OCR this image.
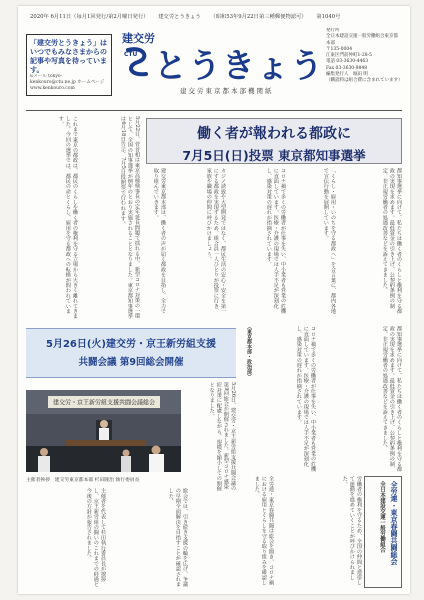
2020年 6月11日（毎月1回発行/第2月曜日発行） 建交労とうきょう （昭和53年9月22日第三種郵便物認可） 第1040号
「建交労とうきょう」はいつでもみなさまからの記事や写真を待っています。
Eメール tokyo-kenkouro@ctu.ne.jp ホームページ www.kenkouro.com
建交労
CTU とうきょう
建交労東京都本部機関紙
発行所
全日本建設交運一般労働組合東京都本部
〒135-0004
江東区門前仲町1-28-5
電話 03-3630-4463
Fax 03-3630-9848
編集発行人　堀田 明
（購読料は組合費に含まれています）
5月22日、菅首相は東京高検検事長の定年延長問題で揺れる中、新型コロナ対策の一環として、全国の知事選挙が例年のとおり実施されることとなりました。東京都知事選挙は6月18日告示、7月5日投開票で行われます。
これまで東京の都政は、都民のくらしや働く者の権利を守る立場から大きく離れてきました。今回の選挙では、都民の命とくらし、雇用を守る都政への転換が問われています。
働く者が報われる都政に
7月5日(日)投票 東京都知事選挙
都知事選挙に向けて、私たちは働く者のくらしと権利を守る都政の実現を求めます。最低賃金の引き上げ、公契約条例の制定、非正規労働者の処遇改善などを訴えてきました。
「くらし・雇用・いのちを守る都政へ」を合言葉に、都内各地で宣伝行動を展開しています。
コロナ禍で多くの労働者が仕事を失い、中小業者も営業の危機に直面しています。医療・介護の現場では人手不足が深刻化し、感染対策の遅れが指摘されています。
カジノ誘致や大型開発ではなく、都民生活の安心・安全を第一にする都政を実現するため、組合員一人ひとりが投票に行き、家族や職場の仲間に呼びかけましょう。
建交労東京都本部は、働く者の声が届く都政を目指し、全力で取り組んでいきます。
（東京都本部・政治部）	都知事選挙に向けて、私たちは働く者のくらしと権利を守る都政の実現を求めます。最低賃金の引き上げ、公契約条例の制定、非正規労働者の処遇改善などを訴えてきました。
コロナ禍で多くの労働者が仕事を失い、中小業者も営業の危機に直面しています。医療・介護の現場では人手不足が深刻化し、感染対策の遅れが指摘されています。
5月26日(火)建交労・京王新労組支援
共闘会議 第9回総会開催
5月26日、建交労・京王新労組支援共闘会議の第9回総会が開催されました。新型コロナ感染症対策に配慮しながら、規模を縮小しての開催となりました。
建交労・京王新労組支援共闘会議総会
主催者挨拶　建交労東京都本部 杉田隆治 執行委員長
主催者を代表して杉田執行委員長が挨拶し、京王新労組の闘いのこれまでの経過と今後の方針が報告されました。	総会では、引き続き支援の輪を広げ、争議の早期全面解決を目指すことが確認されました。	全労連・東京春闘共闘は総会を開き、コロナ禍における雇用とくらしを守る取り組みを確認しました。	労働者の権利を守るため、全国の仲間と連帯して運動を進めていくことが呼びかけられました。	全労連・東京春闘共闘総会
全日本建設交運一般労働組合
